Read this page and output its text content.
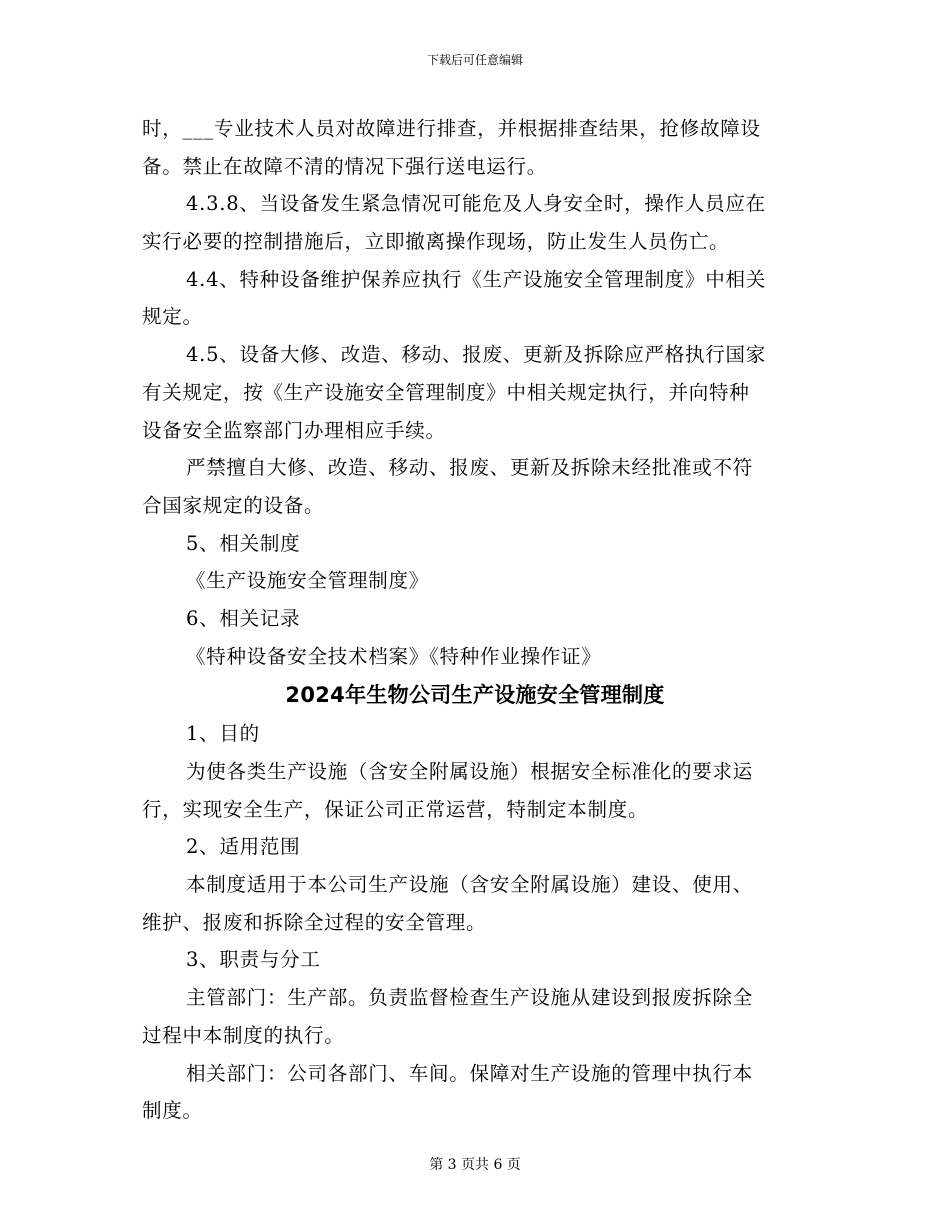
下载后可任意编辑
时，___专业技术人员对故障进行排查，并根据排查结果，抢修故障设
备。禁止在故障不清的情况下强行送电运行。
4.3.8、当设备发生紧急情况可能危及人身安全时，操作人员应在
实行必要的控制措施后，立即撤离操作现场，防止发生人员伤亡。
4.4、特种设备维护保养应执行《生产设施安全管理制度》中相关
规定。
4.5、设备大修、改造、移动、报废、更新及拆除应严格执行国家
有关规定，按《生产设施安全管理制度》中相关规定执行，并向特种
设备安全监察部门办理相应手续。
严禁擅自大修、改造、移动、报废、更新及拆除未经批准或不符
合国家规定的设备。
5、相关制度
《生产设施安全管理制度》
6、相关记录
《特种设备安全技术档案》《特种作业操作证》
2024年生物公司生产设施安全管理制度
1、目的
为使各类生产设施（含安全附属设施）根据安全标准化的要求运
行，实现安全生产，保证公司正常运营，特制定本制度。
2、适用范围
本制度适用于本公司生产设施（含安全附属设施）建设、使用、
维护、报废和拆除全过程的安全管理。
3、职责与分工
主管部门：生产部。负责监督检查生产设施从建设到报废拆除全
过程中本制度的执行。
相关部门：公司各部门、车间。保障对生产设施的管理中执行本
制度。
第 3 页共 6 页
